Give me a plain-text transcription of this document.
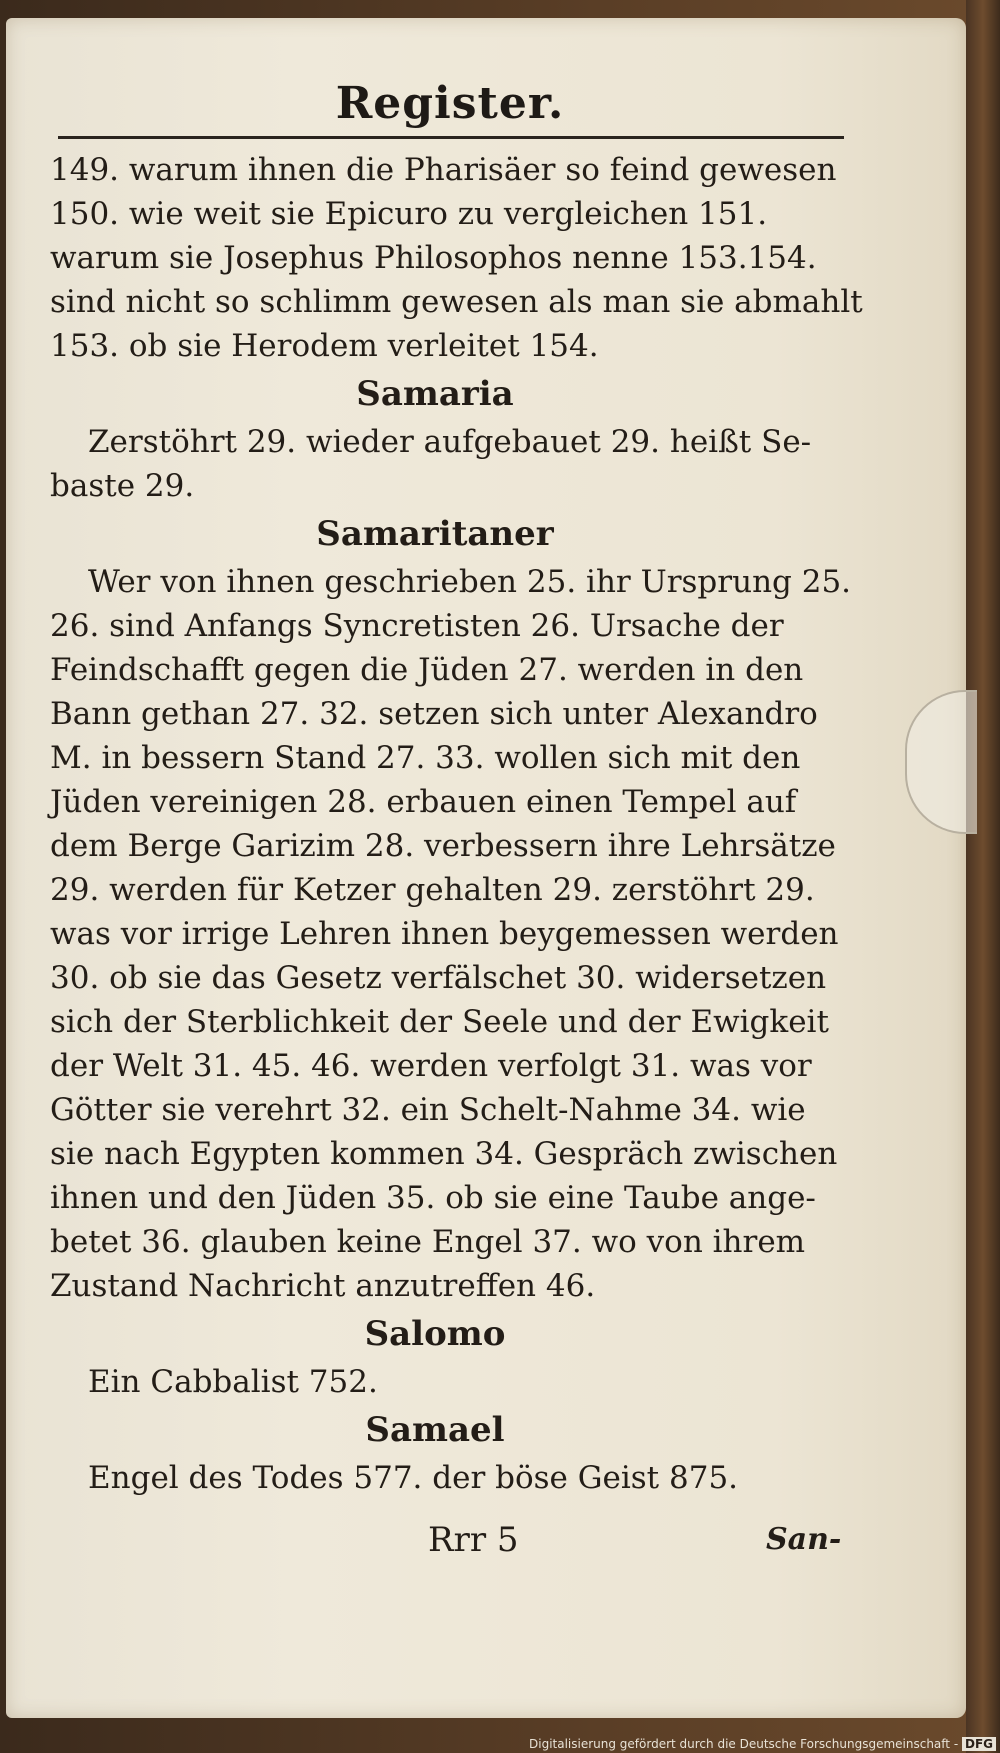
Register.
149. warum ihnen die Pharisäer so feind gewesen
150. wie weit sie Epicuro zu vergleichen 151.
warum sie Josephus Philosophos nenne 153.154.
sind nicht so schlimm gewesen als man sie abmahlt
153. ob sie Herodem verleitet 154.
Samaria
Zerstöhrt 29. wieder aufgebauet 29. heißt Se-
baste 29.
Samaritaner
Wer von ihnen geschrieben 25. ihr Ursprung 25.
26. sind Anfangs Syncretisten 26. Ursache der
Feindschafft gegen die Jüden 27. werden in den
Bann gethan 27. 32. setzen sich unter Alexandro
M. in bessern Stand 27. 33. wollen sich mit den
Jüden vereinigen 28. erbauen einen Tempel auf
dem Berge Garizim 28. verbessern ihre Lehrsätze
29. werden für Ketzer gehalten 29. zerstöhrt 29.
was vor irrige Lehren ihnen beygemessen werden
30. ob sie das Gesetz verfälschet 30. widersetzen
sich der Sterblichkeit der Seele und der Ewigkeit
der Welt 31. 45. 46. werden verfolgt 31. was vor
Götter sie verehrt 32. ein Schelt-Nahme 34. wie
sie nach Egypten kommen 34. Gespräch zwischen
ihnen und den Jüden 35. ob sie eine Taube ange-
betet 36. glauben keine Engel 37. wo von ihrem
Zustand Nachricht anzutreffen 46.
Salomo
Ein Cabbalist 752.
Samael
Engel des Todes 577. der böse Geist 875.
Rrr 5	San-
Digitalisierung gefördert durch die Deutsche Forschungsgemeinschaft - DFG
